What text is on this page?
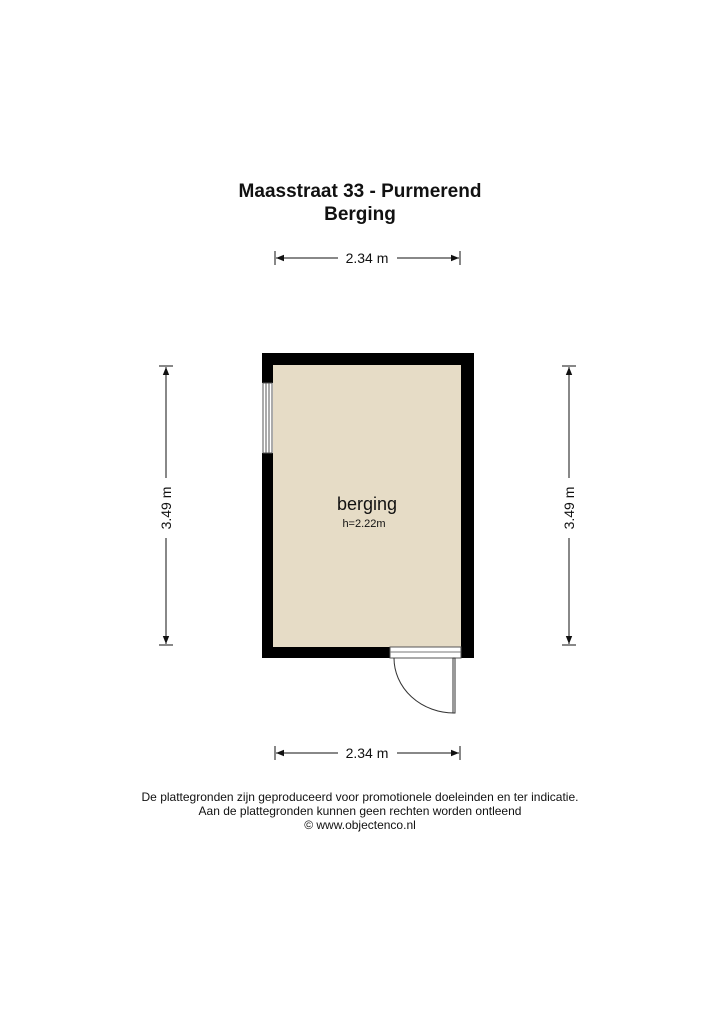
Maasstraat 33 - Purmerend
Berging
2.34 m
2.34 m
3.49 m	3.49 m
berging
h=2.22m

De plattegronden zijn geproduceerd voor promotionele doeleinden en ter indicatie.

Aan de plattegronden kunnen geen rechten worden ontleend

© www.objectenco.nl
